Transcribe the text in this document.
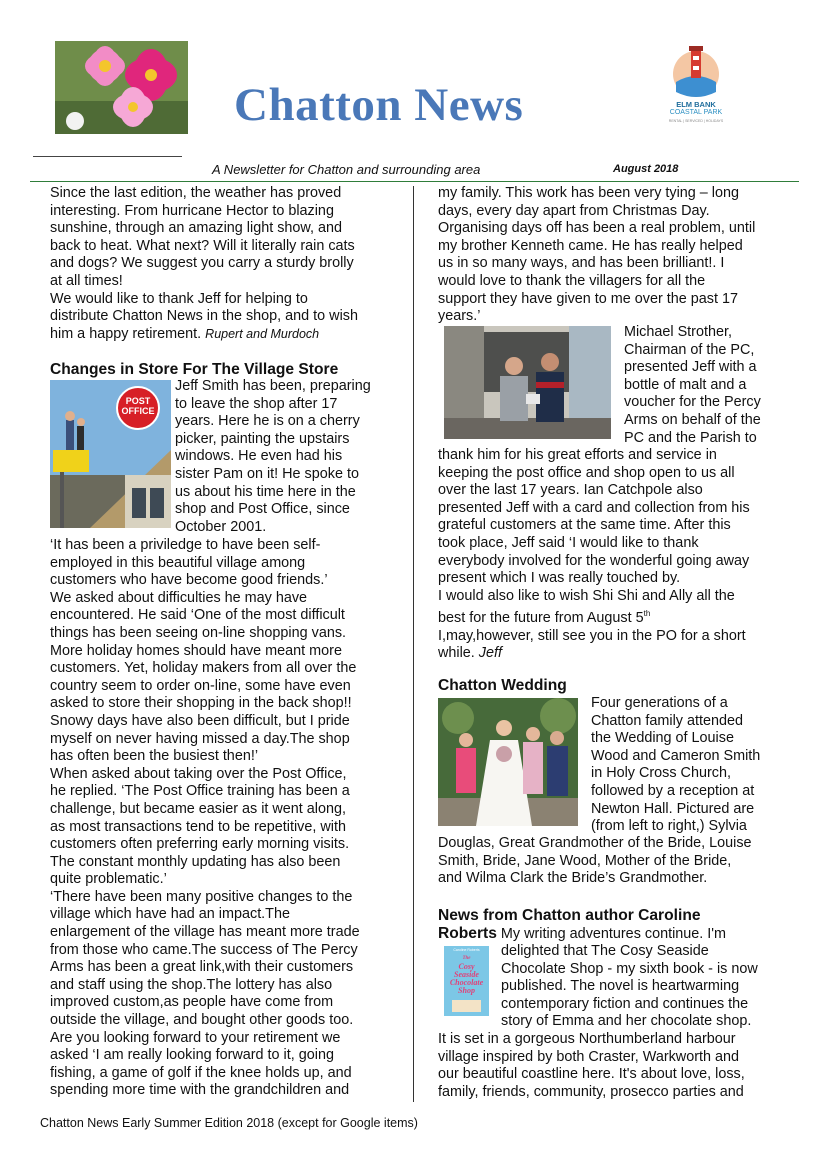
Chatton News	ELM BANK
COASTAL PARK
RENTAL | SERVICED | HOLIDAYS
A Newsletter for Chatton and surrounding area	August 2018
Since the last edition, the weather has proved
interesting. From hurricane Hector to blazing
sunshine, through an amazing light show, and
back to heat. What next? Will it literally rain cats
and dogs? We suggest you carry a sturdy brolly
at all times!
We would like to thank Jeff for helping to
distribute Chatton News in the shop, and to wish
him a happy retirement. Rupert and Murdoch
Changes in Store For The Village Store
POST
OFFICE
Jeff Smith has been, preparing
to leave the shop after 17
years. Here he is on a cherry
picker, painting the upstairs
windows. He even had his
sister Pam on it! He spoke to
us about his time here in the
shop and Post Office, since
October 2001.
‘It has been a priviledge to have been self-
employed in this beautiful village among
customers who have become good friends.’
We asked about difficulties he may have
encountered. He said ‘One of the most difficult
things has been seeing on-line shopping vans.
More holiday homes should have meant more
customers. Yet, holiday makers from all over the
country seem to order on-line, some have even
asked to store their shopping in the back shop!!
Snowy days have also been difficult, but I pride
myself on never having missed a day.The shop
has often been the busiest then!’
When asked about taking over the Post Office,
he replied. ‘The Post Office training has been a
challenge, but became easier as it went along,
as most transactions tend to be repetitive, with
customers often preferring early morning visits.
The constant monthly updating has also been
quite problematic.’
‘There have been many positive changes to the
village which have had an impact.The
enlargement of the village has meant more trade
from those who came.The success of The Percy
Arms has been a great link,with their customers
and staff using the shop.The lottery has also
improved custom,as people have come from
outside the village, and bought other goods too.
Are you looking forward to your retirement we
asked ‘I am really looking forward to it, going
fishing, a game of golf if the knee holds up, and
spending more time with the grandchildren and
my family. This work has been very tying – long
days, every day apart from Christmas Day.
Organising days off has been a real problem, until
my brother Kenneth came. He has really helped
us in so many ways, and has been brilliant!. I
would love to thank the villagers for all the
support they have given to me over the past 17
years.’
Michael Strother,
Chairman of the PC,
presented Jeff with a
bottle of malt and a
voucher for the Percy
Arms on behalf of the
PC and the Parish to
thank him for his great efforts and service in
keeping the post office and shop open to us all
over the last 17 years. Ian Catchpole also
presented Jeff with a card and collection from his
grateful customers at the same time. After this
took place, Jeff said ‘I would like to thank
everybody involved for the wonderful going away
present which I was really touched by.
I would also like to wish Shi Shi and Ally all the
best for the future from August 5th
I,may,however, still see you in the PO for a short
while. Jeff
Chatton Wedding
Four generations of a
Chatton family attended
the Wedding of Louise
Wood and Cameron Smith
in Holy Cross Church,
followed by a reception at
Newton Hall. Pictured are
(from left to right,) Sylvia
Douglas, Great Grandmother of the Bride, Louise
Smith, Bride, Jane Wood, Mother of the Bride,
and Wilma Clark the Bride’s Grandmother.
News from Chatton author Caroline
Roberts My writing adventures continue. I'm
Caroline Roberts
The
Cosy
Seaside
Chocolate
Shop
delighted that The Cosy Seaside
Chocolate Shop - my sixth book - is now
published. The novel is heartwarming
contemporary fiction and continues the
story of Emma and her chocolate shop.
It is set in a gorgeous Northumberland harbour
village inspired by both Craster, Warkworth and
our beautiful coastline here. It's about love, loss,
family, friends, community, prosecco parties and
Chatton News Early Summer Edition 2018 (except for Google items)
